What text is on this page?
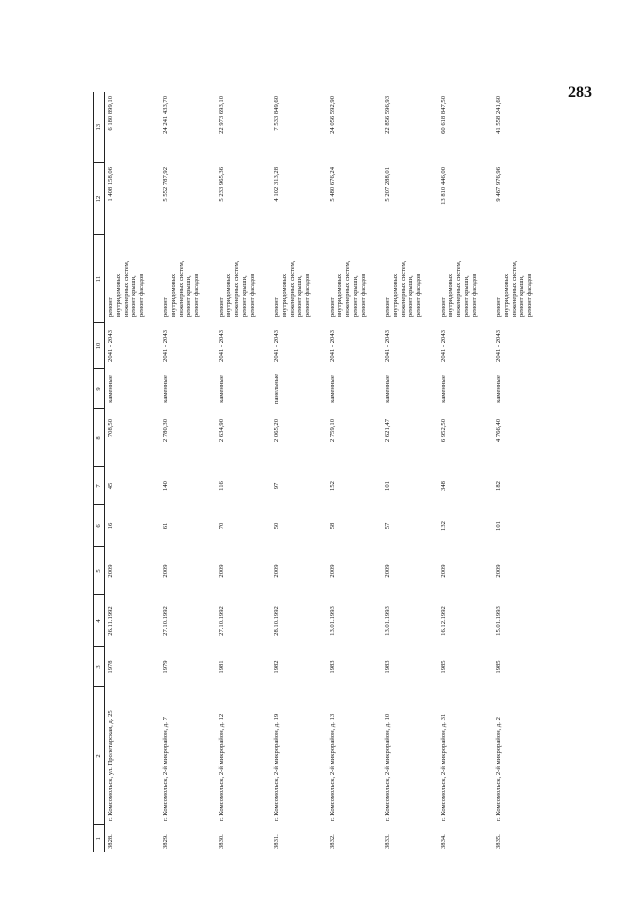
283
1	2	3	4	5	6	7	8	9	10	11	12	13
3828.	г. Комсомольск, ул. Пролетарская, д. 25	1978	26.11.1992	2009	16	45	708,50	каменные	2041 - 2043	ремонт внутридомовых инженерных систем, ремонт крыши, ремонт фасадов	1 408 158,06	6 180 899,10
3829.	г. Комсомольск, 2-й микрорайон, д. 7	1979	27.10.1992	2009	61	140	2 780,30	каменные	2041 - 2043	ремонт внутридомовых инженерных систем, ремонт крыши, ремонт фасадов	5 552 787,92	24 241 433,70
3830.	г. Комсомольск, 2-й микрорайон, д. 12	1981	27.10.1992	2009	70	116	2 634,90	каменные	2041 - 2043	ремонт внутридомовых инженерных систем, ремонт крыши, ремонт фасадов	5 233 965,36	22 973 693,10
3831.	г. Комсомольск, 2-й микрорайон, д. 19	1982	28.10.1992	2009	50	97	2 065,20	панельные	2041 - 2043	ремонт внутридомовых инженерных систем, ремонт крыши, ремонт фасадов	4 102 313,28	7 533 849,60
3832.	г. Комсомольск, 2-й микрорайон, д. 13	1983	13.01.1993	2009	58	152	2 759,10	каменные	2041 - 2043	ремонт внутридомовых инженерных систем, ремонт крыши, ремонт фасадов	5 480 676,24	24 056 592,90
3833.	г. Комсомольск, 2-й микрорайон, д. 10	1983	13.01.1993	2009	57	101	2 621,47	каменные	2041 - 2043	ремонт внутридомовых инженерных систем, ремонт крыши, ремонт фасадов	5 207 288,01	22 856 596,93
3834.	г. Комсомольск, 2-й микрорайон, д. 31	1985	16.12.1992	2009	132	348	6 952,50	каменные	2041 - 2043	ремонт внутридомовых инженерных систем, ремонт крыши, ремонт фасадов	13 810 446,00	60 618 847,50
3835.	г. Комсомольск, 2-й микрорайон, д. 2	1985	15.01.1993	2009	101	182	4 766,40	каменные	2041 - 2043	ремонт внутридомовых инженерных систем, ремонт крыши, ремонт фасадов	9 467 976,96	41 558 241,60
